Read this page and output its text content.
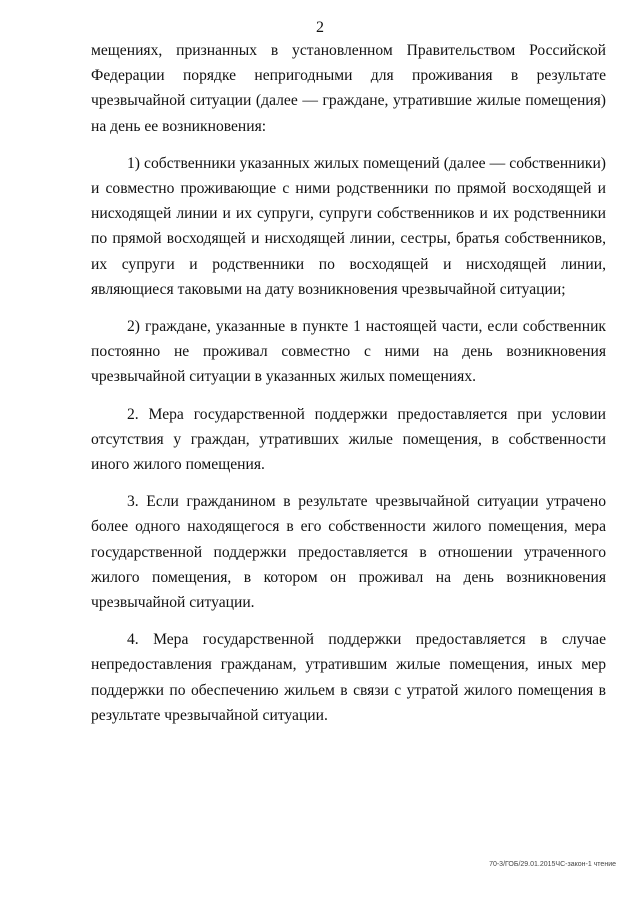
2

мещениях, признанных в установленном Правительством Российской Федерации порядке непригодными для проживания в результате чрезвычайной ситуации (далее — граждане, утратившие жилые помещения) на день ее возникновения:

1) собственники указанных жилых помещений (далее — собственники) и совместно проживающие с ними родственники по прямой восходящей и нисходящей линии и их супруги, супруги собственников и их родственники по прямой восходящей и нисходящей линии, сестры, братья собственников, их супруги и родственники по восходящей и нисходящей линии, являющиеся таковыми на дату возникновения чрезвычайной ситуации;

2) граждане, указанные в пункте 1 настоящей части, если собственник постоянно не проживал совместно с ними на день возникновения чрезвычайной ситуации в указанных жилых помещениях.

2. Мера государственной поддержки предоставляется при условии отсутствия у граждан, утративших жилые помещения, в собственности иного жилого помещения.

3. Если гражданином в результате чрезвычайной ситуации утрачено более одного находящегося в его собственности жилого помещения, мера государственной поддержки предоставляется в отношении утраченного жилого помещения, в котором он проживал на день возникновения чрезвычайной ситуации.

4. Мера государственной поддержки предоставляется в случае непредоставления гражданам, утратившим жилые помещения, иных мер поддержки по обеспечению жильем в связи с утратой жилого помещения в результате чрезвычайной ситуации.

70-3/ГОБ/29.01.2015ЧС-закон-1 чтение
